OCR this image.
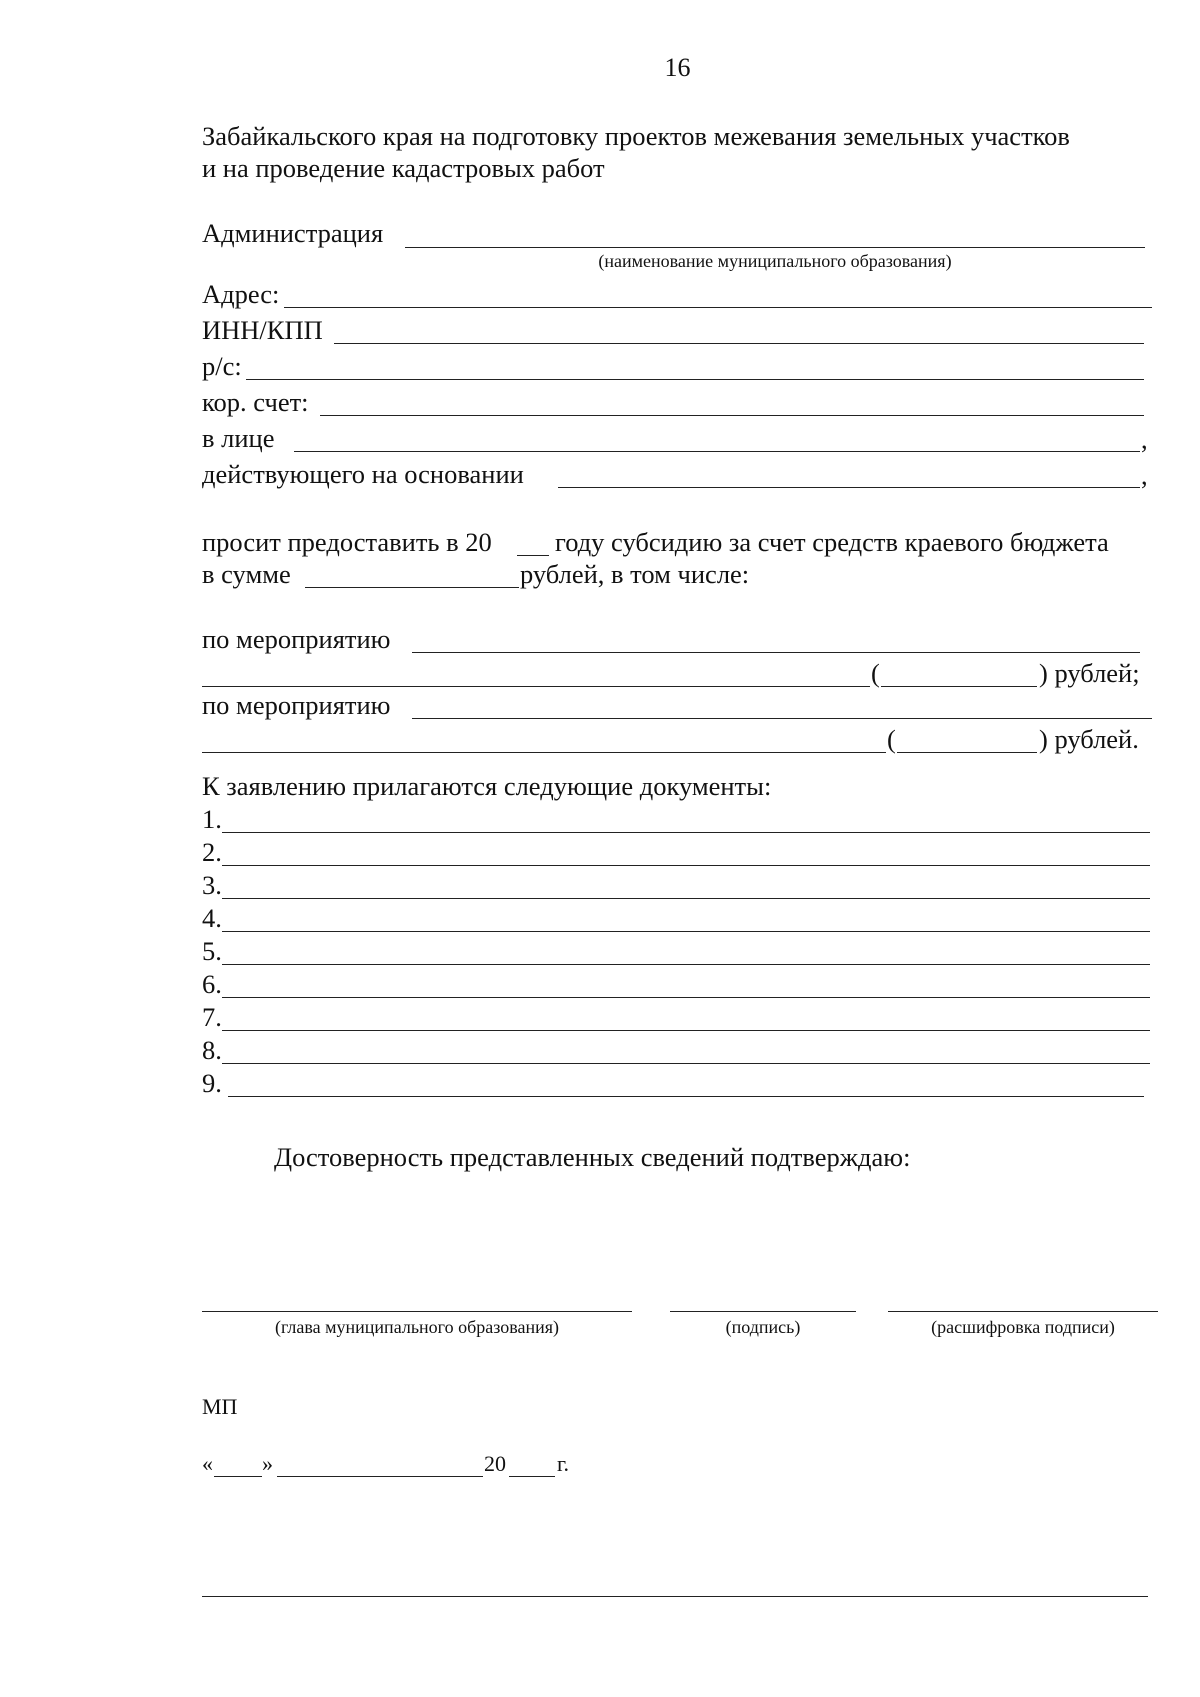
16
Забайкальского края на подготовку проектов межевания земельных участков
и на проведение кадастровых работ
Администрация
(наименование муниципального образования)
Адрес:
ИНН/КПП
р/с:
кор. счет:
в лице	,
действующего на основании	,
просит предоставить в 20 году субсидию за счет средств краевого бюджета
в сумме	рублей, в том числе:
по мероприятию
(	) рублей;
по мероприятию
(	) рублей.
К заявлению прилагаются следующие документы:
1.
2.
3.
4.
5.
6.
7.
8.
9.
Достоверность представленных сведений подтверждаю:
(глава муниципального образования)	(подпись)	(расшифровка подписи)
МП
« »	20 г.
